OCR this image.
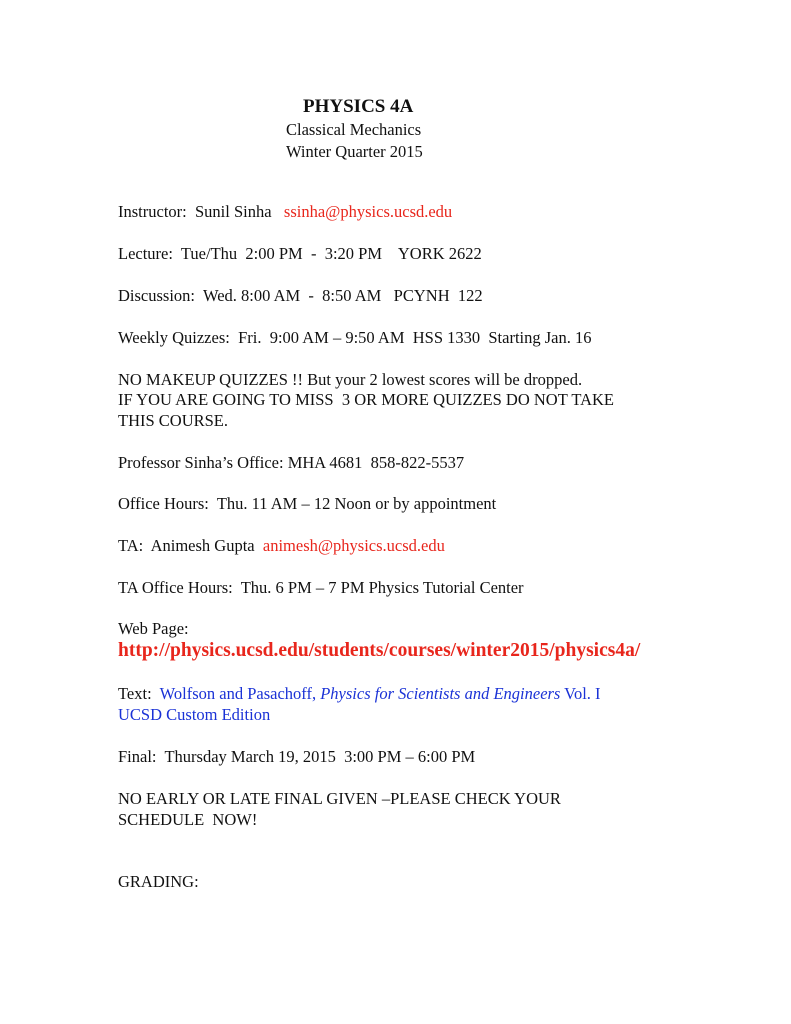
PHYSICS 4A
Classical Mechanics
Winter Quarter 2015
Instructor:  Sunil Sinha   ssinha@physics.ucsd.edu
Lecture:  Tue/Thu  2:00 PM  -  3:20 PM    YORK 2622
Discussion:  Wed. 8:00 AM  -  8:50 AM   PCYNH  122
Weekly Quizzes:  Fri.  9:00 AM – 9:50 AM  HSS 1330  Starting Jan. 16
NO MAKEUP QUIZZES !! But your 2 lowest scores will be dropped.
IF YOU ARE GOING TO MISS  3 OR MORE QUIZZES DO NOT TAKE
THIS COURSE.
Professor Sinha’s Office: MHA 4681  858-822-5537
Office Hours:  Thu. 11 AM – 12 Noon or by appointment
TA:  Animesh Gupta  animesh@physics.ucsd.edu
TA Office Hours:  Thu. 6 PM – 7 PM Physics Tutorial Center
Web Page:
http://physics.ucsd.edu/students/courses/winter2015/physics4a/
Text:  Wolfson and Pasachoff, Physics for Scientists and Engineers Vol. I
UCSD Custom Edition
Final:  Thursday March 19, 2015  3:00 PM – 6:00 PM
NO EARLY OR LATE FINAL GIVEN –PLEASE CHECK YOUR
SCHEDULE  NOW!
GRADING:
